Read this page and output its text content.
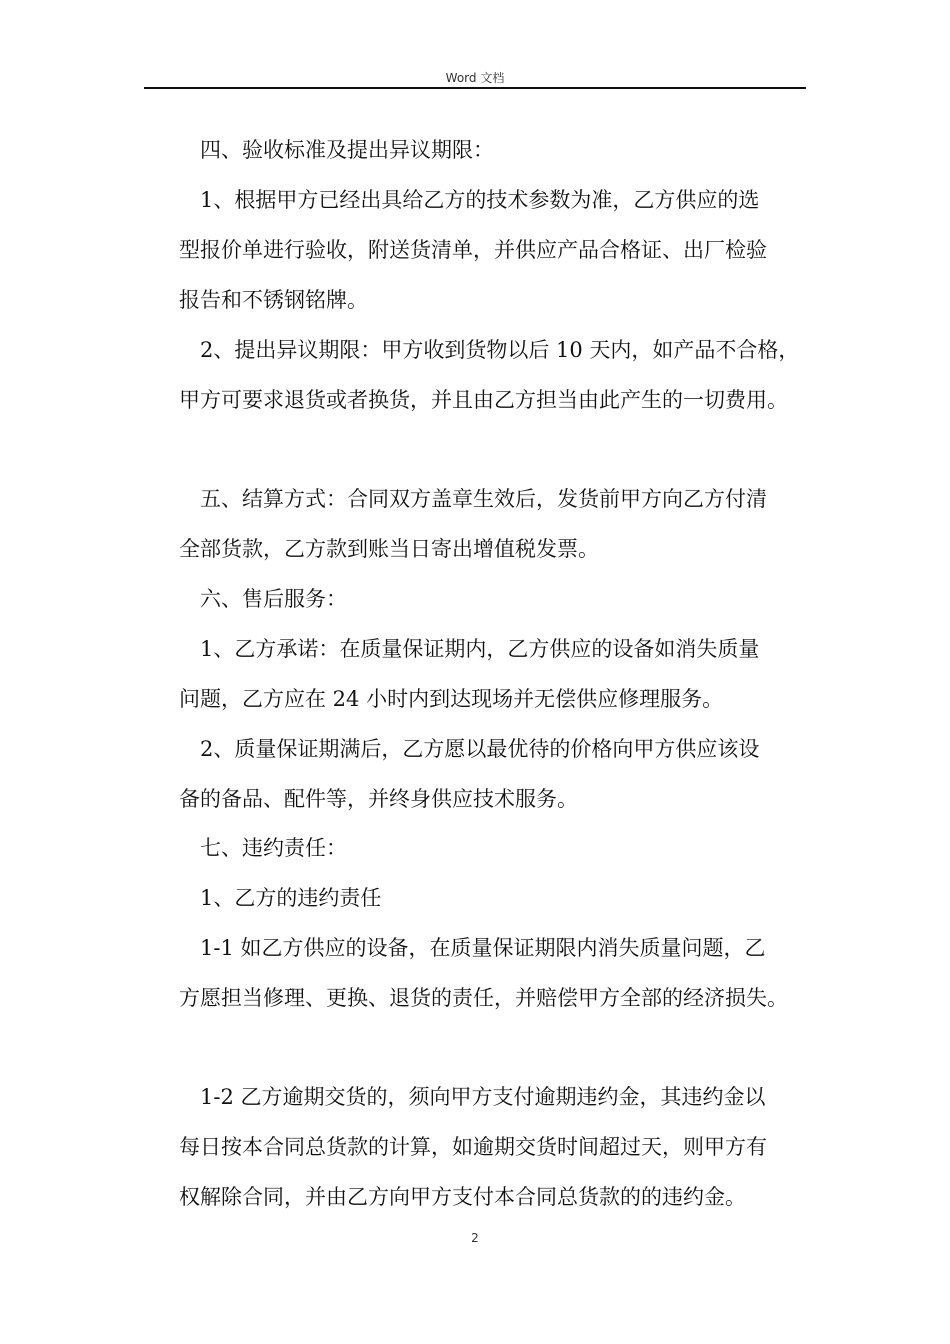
Word 文档
四、验收标准及提出异议期限：
1、根据甲方已经出具给乙方的技术参数为准，乙方供应的选
型报价单进行验收，附送货清单，并供应产品合格证、出厂检验
报告和不锈钢铭牌。
2、提出异议期限：甲方收到货物以后 10 天内，如产品不合格，
甲方可要求退货或者换货，并且由乙方担当由此产生的一切费用。
五、结算方式：合同双方盖章生效后，发货前甲方向乙方付清
全部货款，乙方款到账当日寄出增值税发票。
六、售后服务：
1、乙方承诺：在质量保证期内，乙方供应的设备如消失质量
问题，乙方应在 24 小时内到达现场并无偿供应修理服务。
2、质量保证期满后，乙方愿以最优待的价格向甲方供应该设
备的备品、配件等，并终身供应技术服务。
七、违约责任：
1、乙方的违约责任
1-1 如乙方供应的设备，在质量保证期限内消失质量问题，乙
方愿担当修理、更换、退货的责任，并赔偿甲方全部的经济损失。
1-2 乙方逾期交货的，须向甲方支付逾期违约金，其违约金以
每日按本合同总货款的计算，如逾期交货时间超过天，则甲方有
权解除合同，并由乙方向甲方支付本合同总货款的的违约金。
2
